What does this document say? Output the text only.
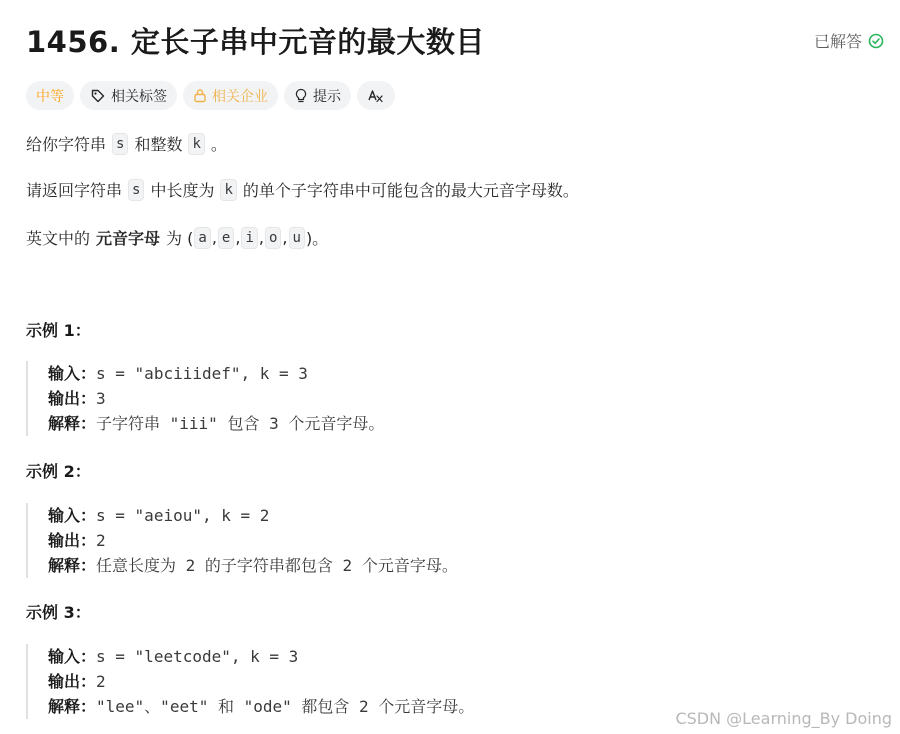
1456. 定长子串中元音的最大数目	已解答
中等	相关标签	相关企业	提示
给你字符串 s 和整数 k 。
请返回字符串 s 中长度为 k 的单个子字符串中可能包含的最大元音字母数。
英文中的 元音字母 为 ( a , e , i , o , u )。
示例 1：
输入： s = "abciiidef", k = 3
输出： 3
解释： 子字符串 "iii" 包含 3 个元音字母。
示例 2：
输入： s = "aeiou", k = 2
输出： 2
解释： 任意长度为 2 的子字符串都包含 2 个元音字母。
示例 3：
输入： s = "leetcode", k = 3
输出： 2
解释： "lee"、"eet" 和 "ode" 都包含 2 个元音字母。
CSDN @Learning_By Doing
